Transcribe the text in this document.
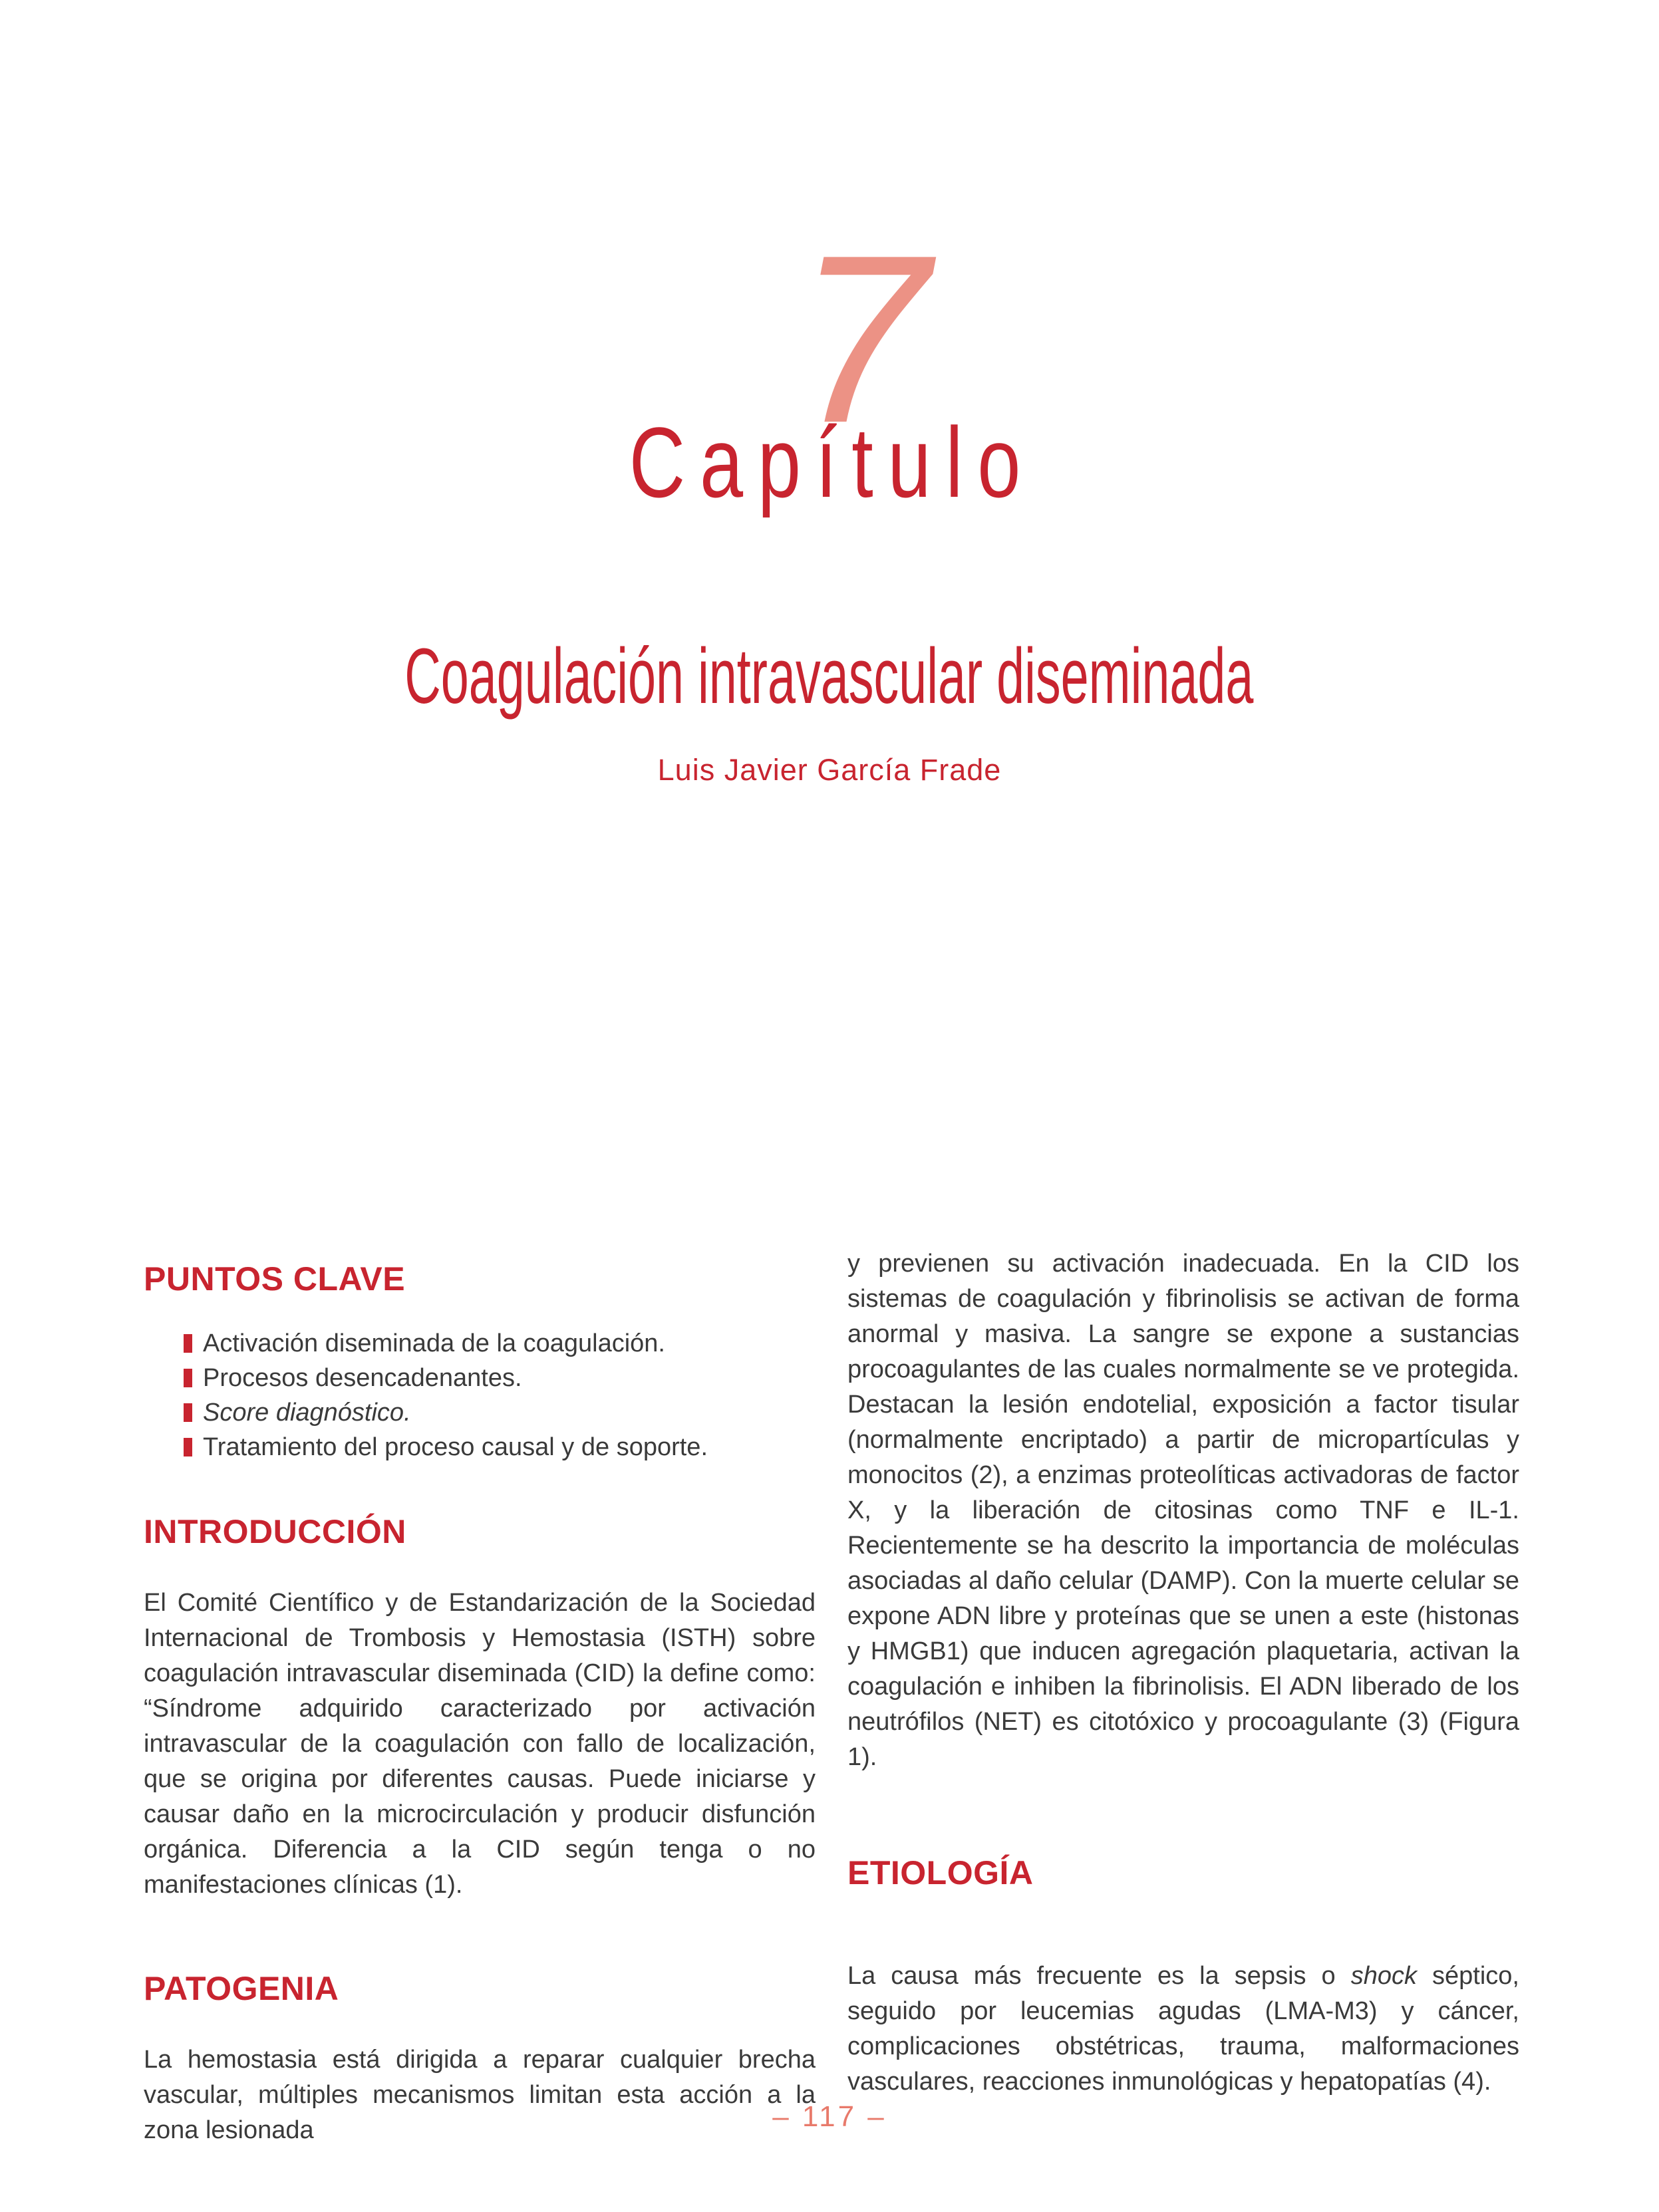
7
Capítulo
Coagulación intravascular diseminada
Luis Javier García Frade
PUNTOS CLAVE
Activación diseminada de la coagulación.
Procesos desencadenantes.
Score diagnóstico.
Tratamiento del proceso causal y de soporte.
INTRODUCCIÓN

El Comité Científico y de Estandarización de la Sociedad Internacional de Trombosis y Hemostasia (ISTH) sobre coagulación intravascular diseminada (CID) la define como: “Síndrome adquirido caracterizado por activación intravascular de la coagulación con fallo de localización, que se origina por diferentes causas. Puede iniciarse y causar daño en la microcirculación y producir disfunción orgánica. Diferencia a la CID según tenga o no manifestaciones clínicas (1).

PATOGENIA

La hemostasia está dirigida a reparar cualquier brecha vascular, múltiples mecanismos limitan esta acción a la zona lesionada

y previenen su activación inadecuada. En la CID los sistemas de coagulación y fibrinolisis se activan de forma anormal y masiva. La sangre se expone a sustancias procoagulantes de las cuales normalmente se ve protegida. Destacan la lesión endotelial, exposición a factor tisular (normalmente encriptado) a partir de micropartículas y monocitos (2), a enzimas proteolíticas activadoras de factor X, y la liberación de citosinas como TNF e IL-1. Recientemente se ha descrito la importancia de moléculas asociadas al daño celular (DAMP). Con la muerte celular se expone ADN libre y proteínas que se unen a este (histonas y HMGB1) que inducen agregación plaquetaria, activan la coagulación e inhiben la fibrinolisis. El ADN liberado de los neutrófilos (NET) es citotóxico y procoagulante (3) (Figura 1).

ETIOLOGÍA

La causa más frecuente es la sepsis o shock séptico, seguido por leucemias agudas (LMA-M3) y cáncer, complicaciones obstétricas, trauma, malformaciones vasculares, reacciones inmunológicas y hepatopatías (4).

– 117 –
